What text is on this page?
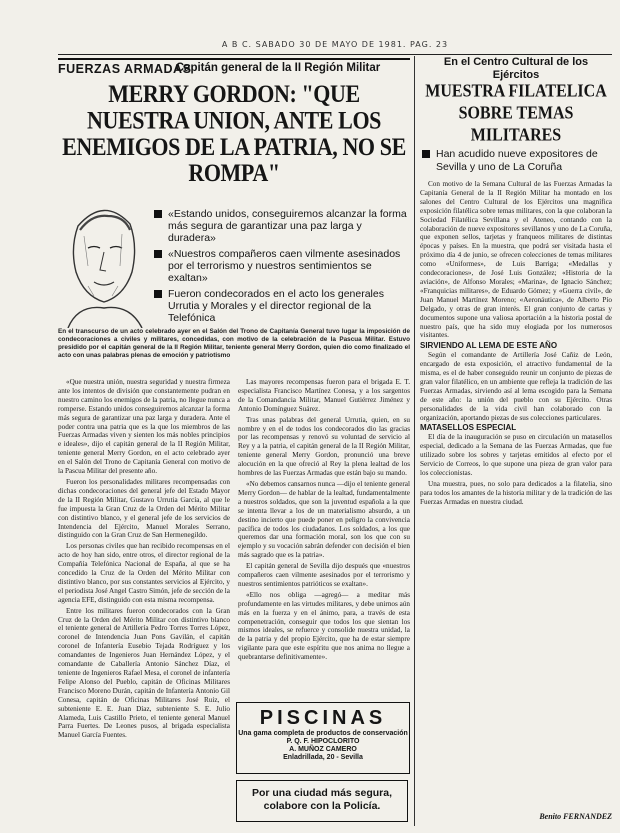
A B C. SABADO 30 DE MAYO DE 1981. PAG. 23
FUERZAS ARMADAS
Capitán general de la II Región Militar
MERRY GORDON: "QUE NUESTRA UNION, ANTE LOS ENEMIGOS DE LA PATRIA, NO SE ROMPA"
«Estando unidos, conseguiremos alcanzar la forma más segura de garantizar una paz larga y duradera»
«Nuestros compañeros caen vilmente asesinados por el terrorismo y nuestros sentimientos se exaltan»
Fueron condecorados en el acto los generales Urrutia y Morales y el director regional de la Telefónica
En el transcurso de un acto celebrado ayer en el Salón del Trono de Capitanía General tuvo lugar la imposición de condecoraciones a civiles y militares, concedidas, con motivo de la celebración de la Pascua Militar. Estuvo presidido por el capitán general de la II Región Militar, teniente general Merry Gordon, quien dio como finalizado el acto con unas palabras plenas de emoción y patriotismo

«Que nuestra unión, nuestra seguridad y nuestra firmeza ante los intentos de división que constantemente pudran en nuestro camino los enemigos de la patria, no llegue nunca a romperse. Estando unidos conseguiremos alcanzar la forma más segura de garantizar una paz larga y duradera. Ante el poder contra una patria que es la que los miembros de las Fuerzas Armadas viven y sienten los más nobles principios e ideales», dijo el capitán general de la II Región Militar, teniente general Merry Gordon, en el acto celebrado ayer en el Salón del Trono de Capitanía General con motivo de la Pascua Militar del presente año.

Fueron los personalidades militares recompensadas con dichas condecoraciones del general jefe del Estado Mayor de la II Región Militar, Gustavo Urrutia García, al que le fue impuesta la Gran Cruz de la Orden del Mérito Militar con distintivo blanco, y el general jefe de los servicios de Intendencia del Ejército, Manuel Morales Serrano, distinguido con la Gran Cruz de San Hermenegildo.

Los personas civiles que han recibido recompensas en el acto de hoy han sido, entre otros, el director regional de la Compañía Telefónica Nacional de España, al que se ha concedido la Cruz de la Orden del Mérito Militar con distintivo blanco, por sus constantes servicios al Ejército, y el periodista José Angel Castro Simón, jefe de sección de la agencia EFE, distinguido con esta misma recompensa.

Entre los militares fueron condecorados con la Gran Cruz de la Orden del Mérito Militar con distintivo blanco el teniente general de Artillería Pedro Torres Torres López, coronel de Intendencia Juan Pons Gavilán, el capitán coronel de Infantería Eusebio Tejada Rodríguez y los comandantes de Ingenieros Juan Hernández López, y el comandante de Caballería Antonio Sánchez Díaz, el teniente de Ingenieros Rafael Mesa, el coronel de infantería Felipe Alonso del Pueblo, capitán de Oficinas Militares Francisco Moreno Durán, capitán de Infantería Antonio Gil Conesa, capitán de Oficinas Militares José Ruiz, el subteniente E. E. Juan Díaz, subteniente S. E. Julio Alameda, Luis Castillo Prieto, el teniente general Manuel Parra Fuertes. De Leones pusos, al brigada especialista Manuel García Fuentes.

Las mayores recompensas fueron para el brigada E. T. especialista Francisco Martínez Conesa, y a los sargentos de la Comandancia Militar, Manuel Gutiérrez Jiménez y Antonio Domínguez Suárez.

Tras unas palabras del general Urrutia, quien, en su nombre y en el de todos los condecorados dio las gracias por las recompensas y renovó su voluntad de servicio al Rey y a la patria, el capitán general de la II Región Militar, teniente general Merry Gordon, pronunció una breve alocución en la que ofreció al Rey la plena lealtad de los hombres de las Fuerzas Armadas que están bajo su mando.

«No debemos cansarnos nunca —dijo el teniente general Merry Gordon— de hablar de la lealtad, fundamentalmente a nuestros soldados, que son la juventud española a la que se intenta llevar a los de un materialismo absurdo, a un destino incierto que puede poner en peligro la convivencia pacífica de todos los ciudadanos. Los soldados, a los que queremos dar una formación moral, son los que con su ejemplo y su vocación sabrán defender con decisión el bien más sagrado que es la patria».

El capitán general de Sevilla dijo después que «nuestros compañeros caen vilmente asesinados por el terrorismo y nuestros sentimientos patrióticos se exaltan».

«Ello nos obliga —agregó— a meditar más profundamente en las virtudes militares, y debe unirnos aún más en la fuerza y en el ánimo, para, a través de esta compenetración, conseguir que todos los que sientan los mismos ideales, se refuerce y consolide nuestra unidad, la de la patria y del propio Ejército, que ha de estar siempre vigilante para que este espíritu que nos anima no llegue a quebrantarse definitivamente».

PISCINAS
Una gama completa de productos de conservación
P. Q. F. HIPOCLORITO
A. MUÑOZ CAMERO
Enladrillada, 20 - Sevilla
Por una ciudad más segura, colabore con la Policía.
En el Centro Cultural de los Ejércitos
MUESTRA FILATELICA SOBRE TEMAS MILITARES
Han acudido nueve expositores de Sevilla y uno de La Coruña

Con motivo de la Semana Cultural de las Fuerzas Armadas la Capitanía General de la II Región Militar ha montado en los salones del Centro Cultural de los Ejércitos una magnífica exposición filatélica sobre temas militares, con la que colaboran la Sociedad Filatélica Sevillana y el Ateneo, contando con la colaboración de nueve expositores sevillanos y uno de La Coruña, que exponen sellos, tarjetas y franqueos militares de distintas épocas y países. En la muestra, que podrá ser visitada hasta el próximo día 4 de junio, se ofrecen colecciones de temas militares como «Uniformes», de Luis Barriga; «Medallas y condecoraciones», de José Luis González; «Historia de la aviación», de Alfonso Morales; «Marina», de Ignacio Sánchez; «Franquicias militares», de Eduardo Gómez; y «Guerra civil», de Juan Manuel Martínez Moreno; «Aeronáutica», de Alberto Pío Delgado, y otras de gran interés. El gran conjunto de cartas y documentos supone una valiosa aportación a la historia postal de nuestro país, que ha sido muy elogiada por los numerosos visitantes.

SIRVIENDO AL LEMA DE ESTE AÑO

Según el comandante de Artillería José Cañiz de León, encargado de esta exposición, el atractivo fundamental de la misma, es el de haber conseguido reunir un conjunto de piezas de gran valor filatélico, en un ambiente que refleja la tradición de las Fuerzas Armadas, sirviendo así al lema escogido para la Semana de este año: la unión del pueblo con su Ejército. Otras personalidades de la vida civil han colaborado con la organización, aportando piezas de sus colecciones particulares.

MATASELLOS ESPECIAL

El día de la inauguración se puso en circulación un matasellos especial, dedicado a la Semana de las Fuerzas Armadas, que fue utilizado sobre los sobres y tarjetas emitidos al efecto por el Servicio de Correos, lo que supone una pieza de gran valor para los coleccionistas.

Una muestra, pues, no solo para dedicados a la filatelia, sino para todos los amantes de la historia militar y de la tradición de las Fuerzas Armadas en nuestra ciudad.

Benito FERNANDEZ
